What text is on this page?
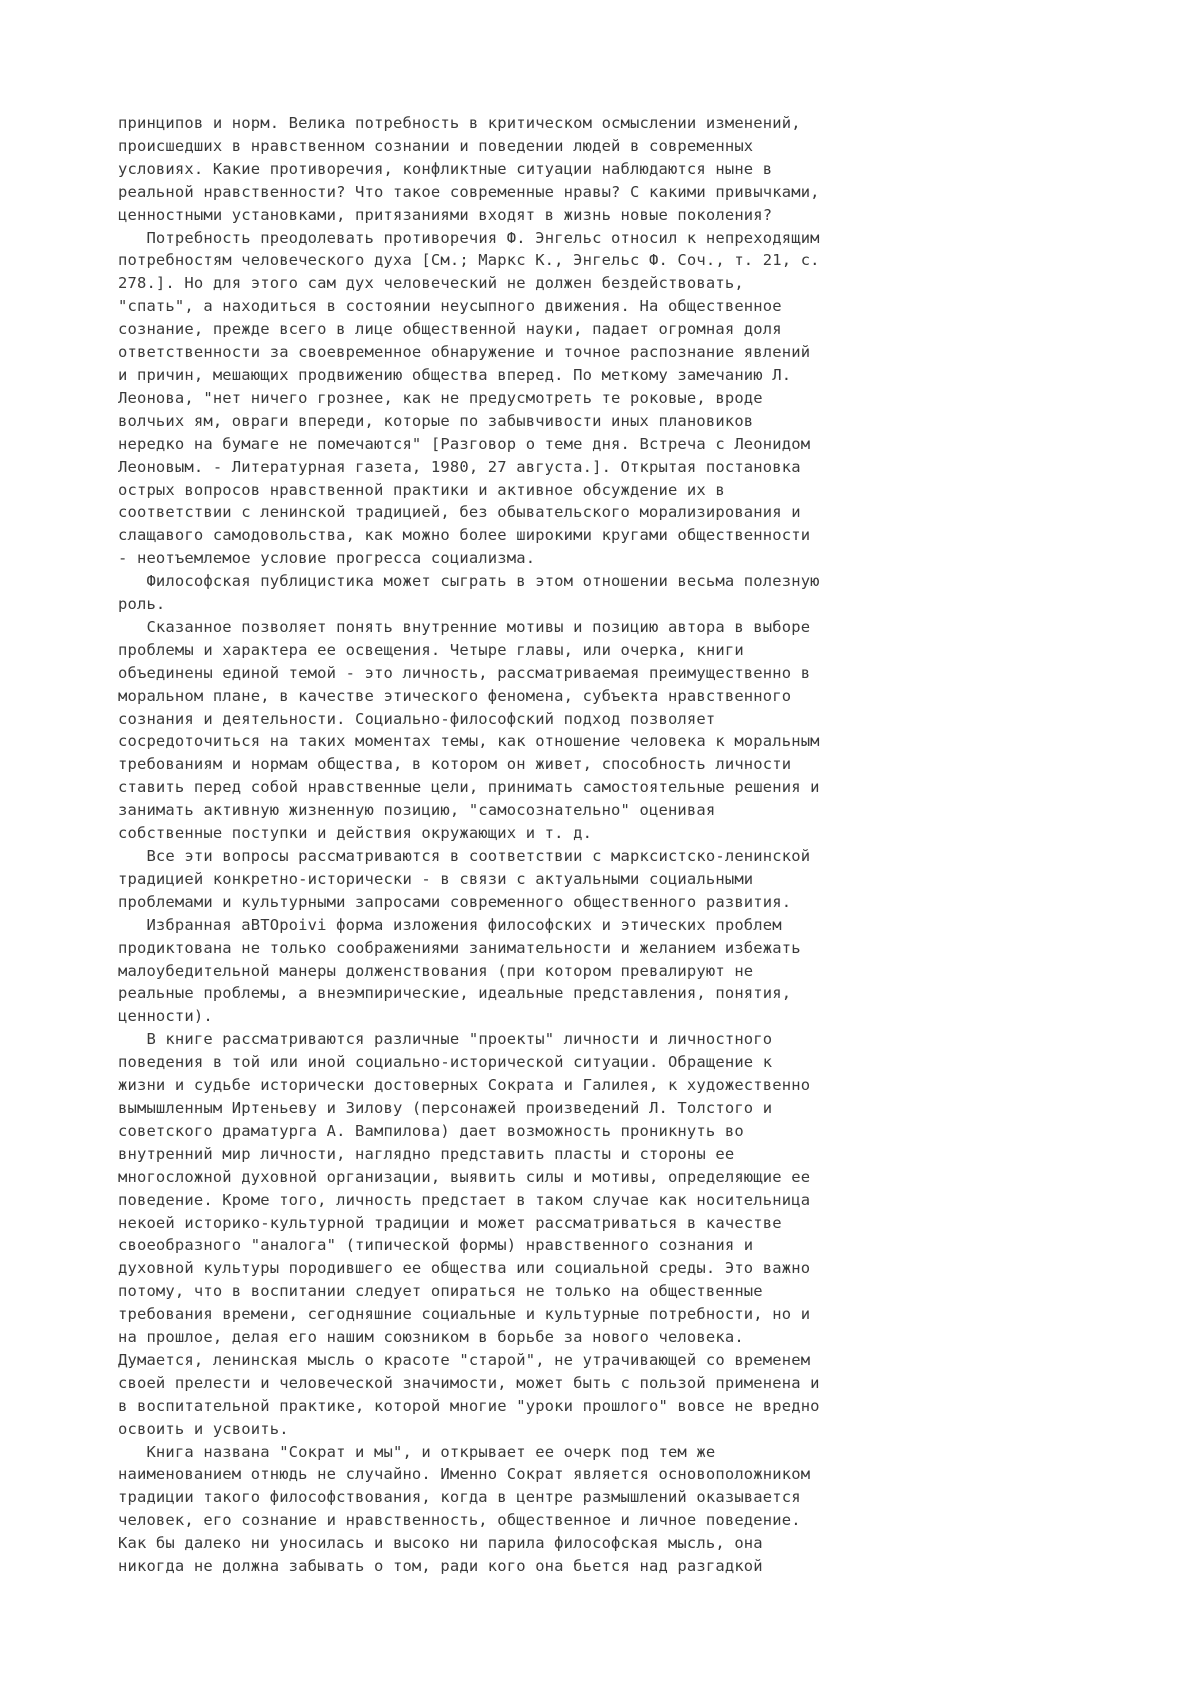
принципов и норм. Велика потребность в критическом осмыслении изменений,
происшедших в нравственном сознании и поведении людей в современных
условиях. Какие противоречия, конфликтные ситуации наблюдаются ныне в
реальной нравственности? Что такое современные нравы? С какими привычками,
ценностными установками, притязаниями входят в жизнь новые поколения?

Потребность преодолевать противоречия Ф. Энгельс относил к непреходящим
потребностям человеческого духа [См.; Маркс К., Энгельс Ф. Соч., т. 21, с.
278.]. Но для этого сам дух человеческий не должен бездействовать,
"спать", а находиться в состоянии неусыпного движения. На общественное
сознание, прежде всего в лице общественной науки, падает огромная доля
ответственности за своевременное обнаружение и точное распознание явлений
и причин, мешающих продвижению общества вперед. По меткому замечанию Л.
Леонова, "нет ничего грознее, как не предусмотреть те роковые, вроде
волчьих ям, овраги впереди, которые по забывчивости иных плановиков
нередко на бумаге не помечаются" [Разговор о теме дня. Встреча с Леонидом
Леоновым. - Литературная газета, 1980, 27 августа.]. Открытая постановка
острых вопросов нравственной практики и активное обсуждение их в
соответствии с ленинской традицией, без обывательского морализирования и
слащавого самодовольства, как можно более широкими кругами общественности
- неотъемлемое условие прогресса социализма.

Философская публицистика может сыграть в этом отношении весьма полезную
роль.

Сказанное позволяет понять внутренние мотивы и позицию автора в выборе
проблемы и характера ее освещения. Четыре главы, или очерка, книги
объединены единой темой - это личность, рассматриваемая преимущественно в
моральном плане, в качестве этического феномена, субъекта нравственного
сознания и деятельности. Социально-философский подход позволяет
сосредоточиться на таких моментах темы, как отношение человека к моральным
требованиям и нормам общества, в котором он живет, способность личности
ставить перед собой нравственные цели, принимать самостоятельные решения и
занимать активную жизненную позицию, "самосознательно" оценивая
собственные поступки и действия окружающих и т. д.

Все эти вопросы рассматриваются в соответствии с марксистско-ленинской
традицией конкретно-исторически - в связи с актуальными социальными
проблемами и культурными запросами современного общественного развития.

Избранная aBTOpoivi форма изложения философских и этических проблем
продиктована не только соображениями занимательности и желанием избежать
малоубедительной манеры долженствования (при котором превалируют не
реальные проблемы, а внеэмпирические, идеальные представления, понятия,
ценности).

В книге рассматриваются различные "проекты" личности и личностного
поведения в той или иной социально-исторической ситуации. Обращение к
жизни и судьбе исторически достоверных Сократа и Галилея, к художественно
вымышленным Иртеньеву и Зилову (персонажей произведений Л. Толстого и
советского драматурга А. Вампилова) дает возможность проникнуть во
внутренний мир личности, наглядно представить пласты и стороны ее
многосложной духовной организации, выявить силы и мотивы, определяющие ее
поведение. Кроме того, личность предстает в таком случае как носительница
некоей историко-культурной традиции и может рассматриваться в качестве
своеобразного "аналога" (типической формы) нравственного сознания и
духовной культуры породившего ее общества или социальной среды. Это важно
потому, что в воспитании следует опираться не только на общественные
требования времени, сегодняшние социальные и культурные потребности, но и
на прошлое, делая его нашим союзником в борьбе за нового человека.
Думается, ленинская мысль о красоте "старой", не утрачивающей со временем
своей прелести и человеческой значимости, может быть с пользой применена и
в воспитательной практике, которой многие "уроки прошлого" вовсе не вредно
освоить и усвоить.

Книга названа "Сократ и мы", и открывает ее очерк под тем же
наименованием отнюдь не случайно. Именно Сократ является основоположником
традиции такого философствования, когда в центре размышлений оказывается
человек, его сознание и нравственность, общественное и личное поведение.
Как бы далеко ни уносилась и высоко ни парила философская мысль, она
никогда не должна забывать о том, ради кого она бьется над разгадкой
